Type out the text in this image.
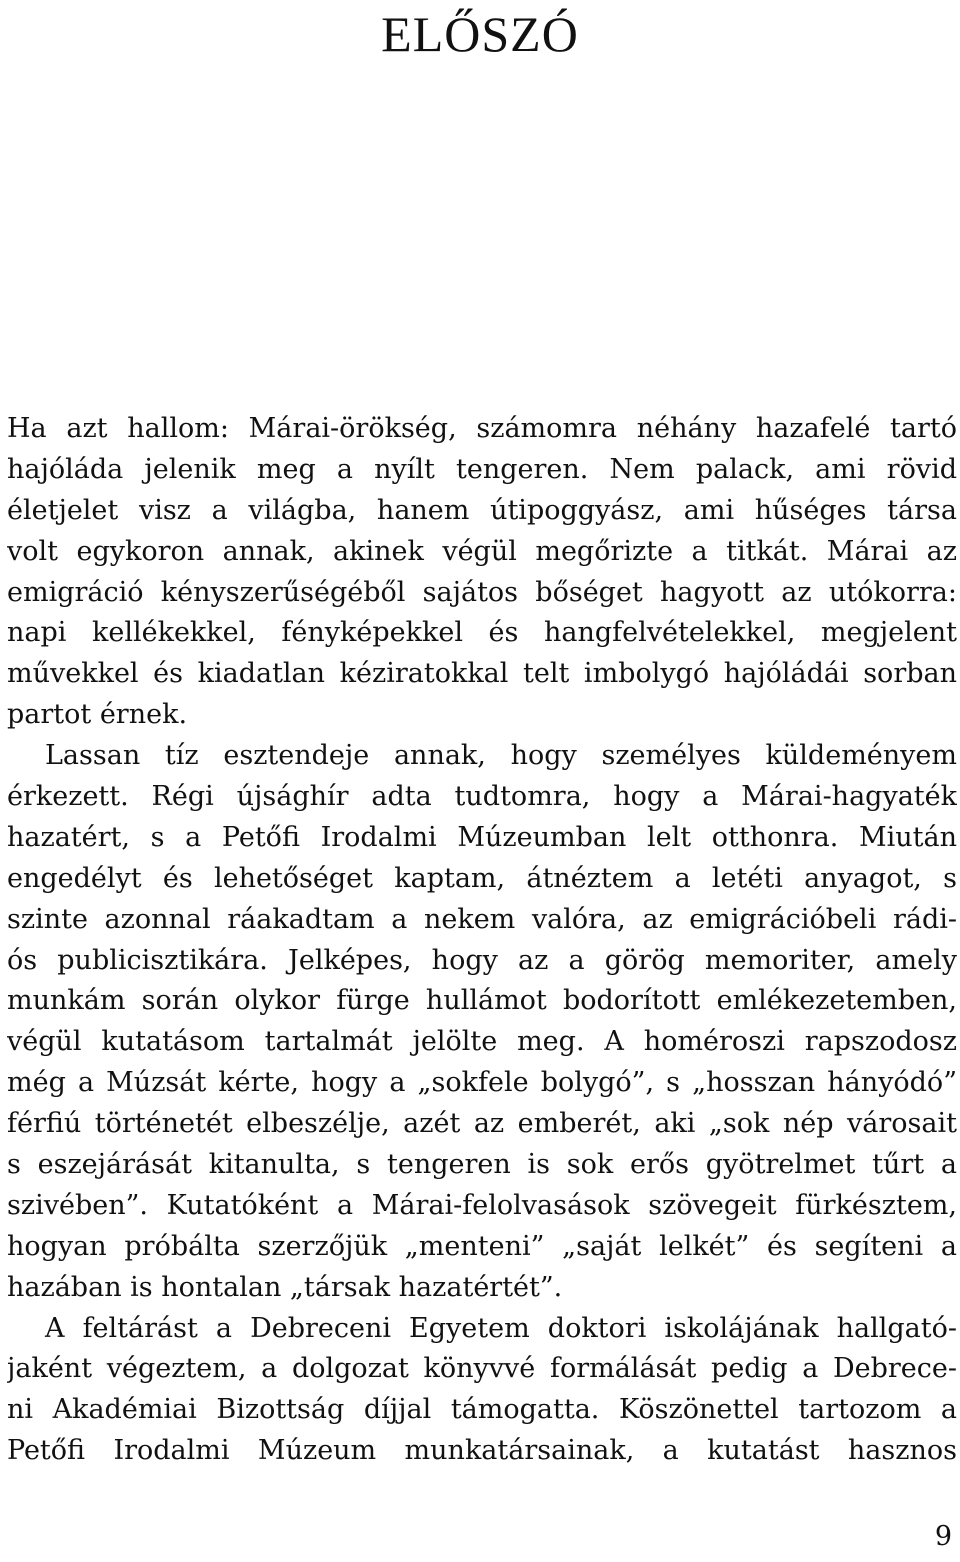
ELŐSZÓ
Ha azt hallom: Márai-örökség, számomra néhány hazafelé tartó
hajóláda jelenik meg a nyílt tengeren. Nem palack, ami rövid
életjelet visz a világba, hanem útipoggyász, ami hűséges társa
volt egykoron annak, akinek végül megőrizte a titkát. Márai az
emigráció kényszerűségéből sajátos bőséget hagyott az utókorra:
napi kellékekkel, fényképekkel és hangfelvételekkel, megjelent
művekkel és kiadatlan kéziratokkal telt imbolygó hajóládái sorban
partot érnek.
Lassan tíz esztendeje annak, hogy személyes küldeményem
érkezett. Régi újsághír adta tudtomra, hogy a Márai-hagyaték
hazatért, s a Petőfi Irodalmi Múzeumban lelt otthonra. Miután
engedélyt és lehetőséget kaptam, átnéztem a letéti anyagot, s
szinte azonnal ráakadtam a nekem valóra, az emigrációbeli rádi-
ós publicisztikára. Jelképes, hogy az a görög memoriter, amely
munkám során olykor fürge hullámot bodorított emlékezetemben,
végül kutatásom tartalmát jelölte meg. A homéroszi rapszodosz
még a Múzsát kérte, hogy a „sokfele bolygó”, s „hosszan hányódó”
férfiú történetét elbeszélje, azét az emberét, aki „sok nép városait
s eszejárását kitanulta, s tengeren is sok erős gyötrelmet tűrt a
szivében”. Kutatóként a Márai-felolvasások szövegeit fürkésztem,
hogyan próbálta szerzőjük „menteni” „saját lelkét” és segíteni a
hazában is hontalan „társak hazatértét”.
A feltárást a Debreceni Egyetem doktori iskolájának hallgató-
jaként végeztem, a dolgozat könyvvé formálását pedig a Debrece-
ni Akadémiai Bizottság díjjal támogatta. Köszönettel tartozom a
Petőfi Irodalmi Múzeum munkatársainak, a kutatást hasznos
9
